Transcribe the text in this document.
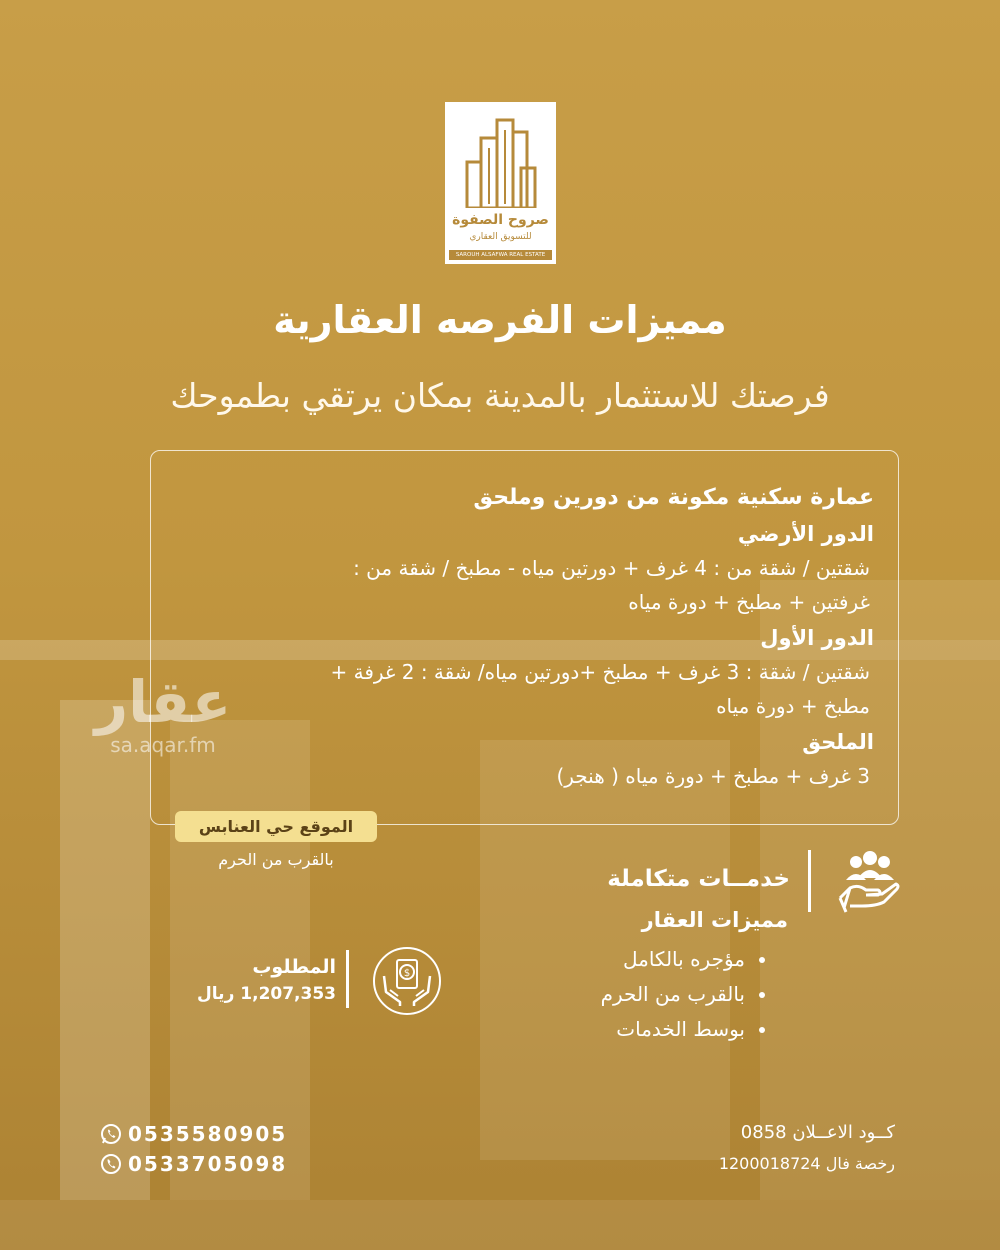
صروح الصفوة
للتسويق العقاري
SAROUH ALSAFWA REAL ESTATE
مميزات الفرصه العقارية
فرصتك للاستثمار بالمدينة بمكان يرتقي بطموحك
عمارة سكنية مكونة من دورين وملحق
الدور الأرضي
شقتين / شقة من : 4 غرف + دورتين مياه - مطبخ / شقة من :
غرفتين + مطبخ + دورة مياه
الدور الأول
شقتين / شقة : 3 غرف + مطبخ +دورتين مياه/ شقة : 2 غرفة +
مطبخ + دورة مياه
الملحق
3 غرف + مطبخ + دورة مياه ( هنجر)
عقار
sa.aqar.fm
الموقع حي العنابس
بالقرب من الحرم
خدمــات متكاملة
مميزات العقار
مؤجره بالكامل
بالقرب من الحرم
بوسط الخدمات
$
المطلوب
1,207,353 ريال
كــود الاعــلان 0858
رخصة فال 1200018724
0535580905
0533705098
